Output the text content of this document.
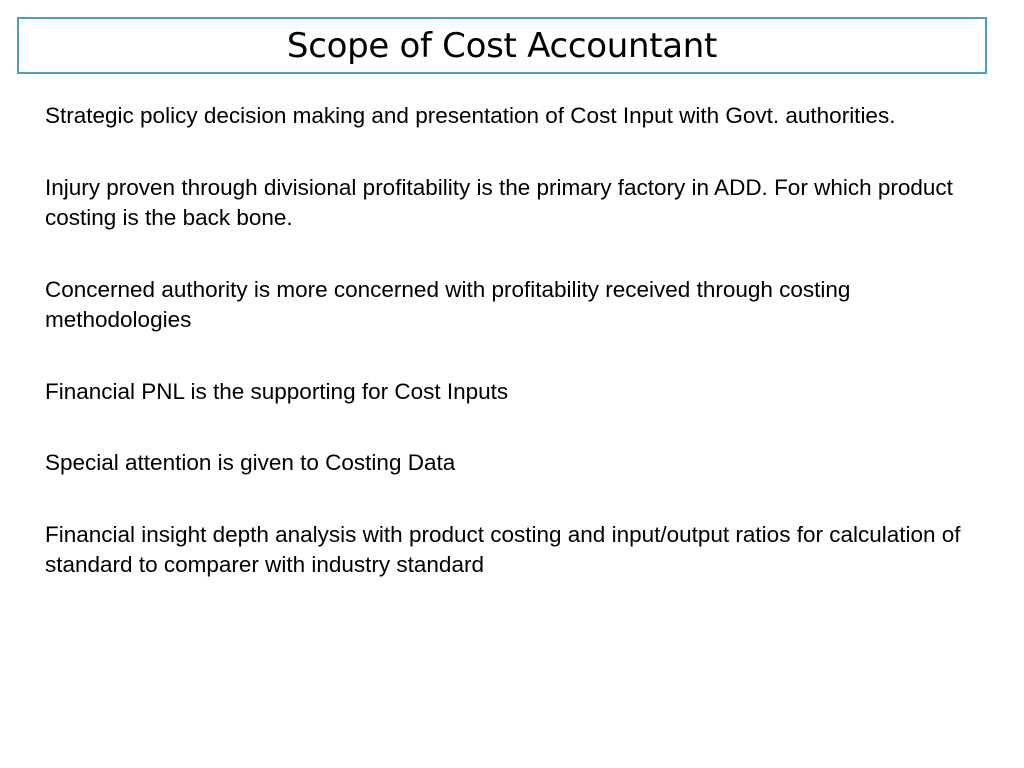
Scope of Cost Accountant

Strategic policy decision making and presentation of Cost Input with Govt. authorities.

Injury proven through divisional profitability is the primary factory in ADD. For which product costing is the back bone.

Concerned authority is more concerned with profitability received through costing methodologies

Financial PNL is the supporting for Cost Inputs

Special attention is given to Costing Data

Financial insight depth analysis with product costing and input/output ratios for calculation of standard to comparer with industry standard
